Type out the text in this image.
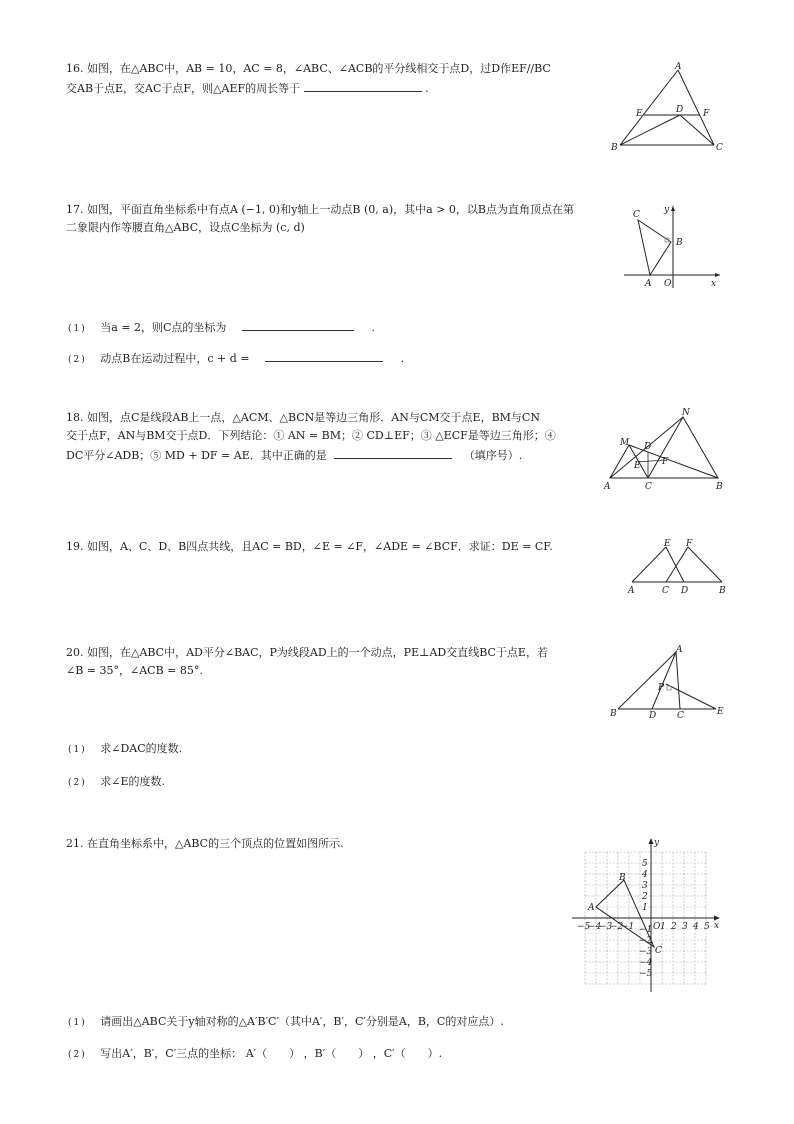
16. 如图，在△ABC中，AB = 10，AC = 8，∠ABC、∠ACB的平分线相交于点D，过D作EF//BC
交AB于点E，交AC于点F，则△AEF的周长等于	.
A
B	C
D
E	F
17. 如图，平面直角坐标系中有点A (−1, 0)和y轴上一动点B (0, a)，其中a > 0，以B点为直角顶点在第
二象限内作等腰直角△ABC，设点C坐标为 (c, d)
C
B
A O	x
y
(1) 当a = 2，则C点的坐标为	.
(2) 动点B在运动过程中，c + d =	.
18. 如图，点C是线段AB上一点，△ACM、△BCN是等边三角形．AN与CM交于点E，BM与CN
交于点F，AN与BM交于点D．下列结论：① AN = BM；② CD⊥EF；③ △ECF是等边三角形；④
DC平分∠ADB；⑤ MD + DF = AE．其中正确的是	（填序号）.
N
M D
E F
A	C	B
19. 如图，A、C、D、B四点共线，且AC = BD，∠E = ∠F，∠ADE = ∠BCF．求证：DE = CF.	E F
A	C D	B
20. 如图，在△ABC中，AD平分∠BAC，P为线段AD上的一个动点，PE⊥AD交直线BC于点E，若
∠B = 35°，∠ACB = 85°.
A
P
B	D C	E
(1) 求∠DAC的度数.
(2) 求∠E的度数.
21. 在直角坐标系中，△ABC的三个顶点的位置如图所示.
A
B
C
O	x
y
−5
−4
−3
−2
−1	1 2 3 4 5
5
4
3
2
1
−1
−2
−3
−4
−5
(1) 请画出△ABC关于y轴对称的△A′B′C′（其中A′，B′，C′分别是A，B，C的对应点）.
(2) 写出A′，B′，C′三点的坐标： A′（　　） ，B′（　　） ，C′（　　）.
